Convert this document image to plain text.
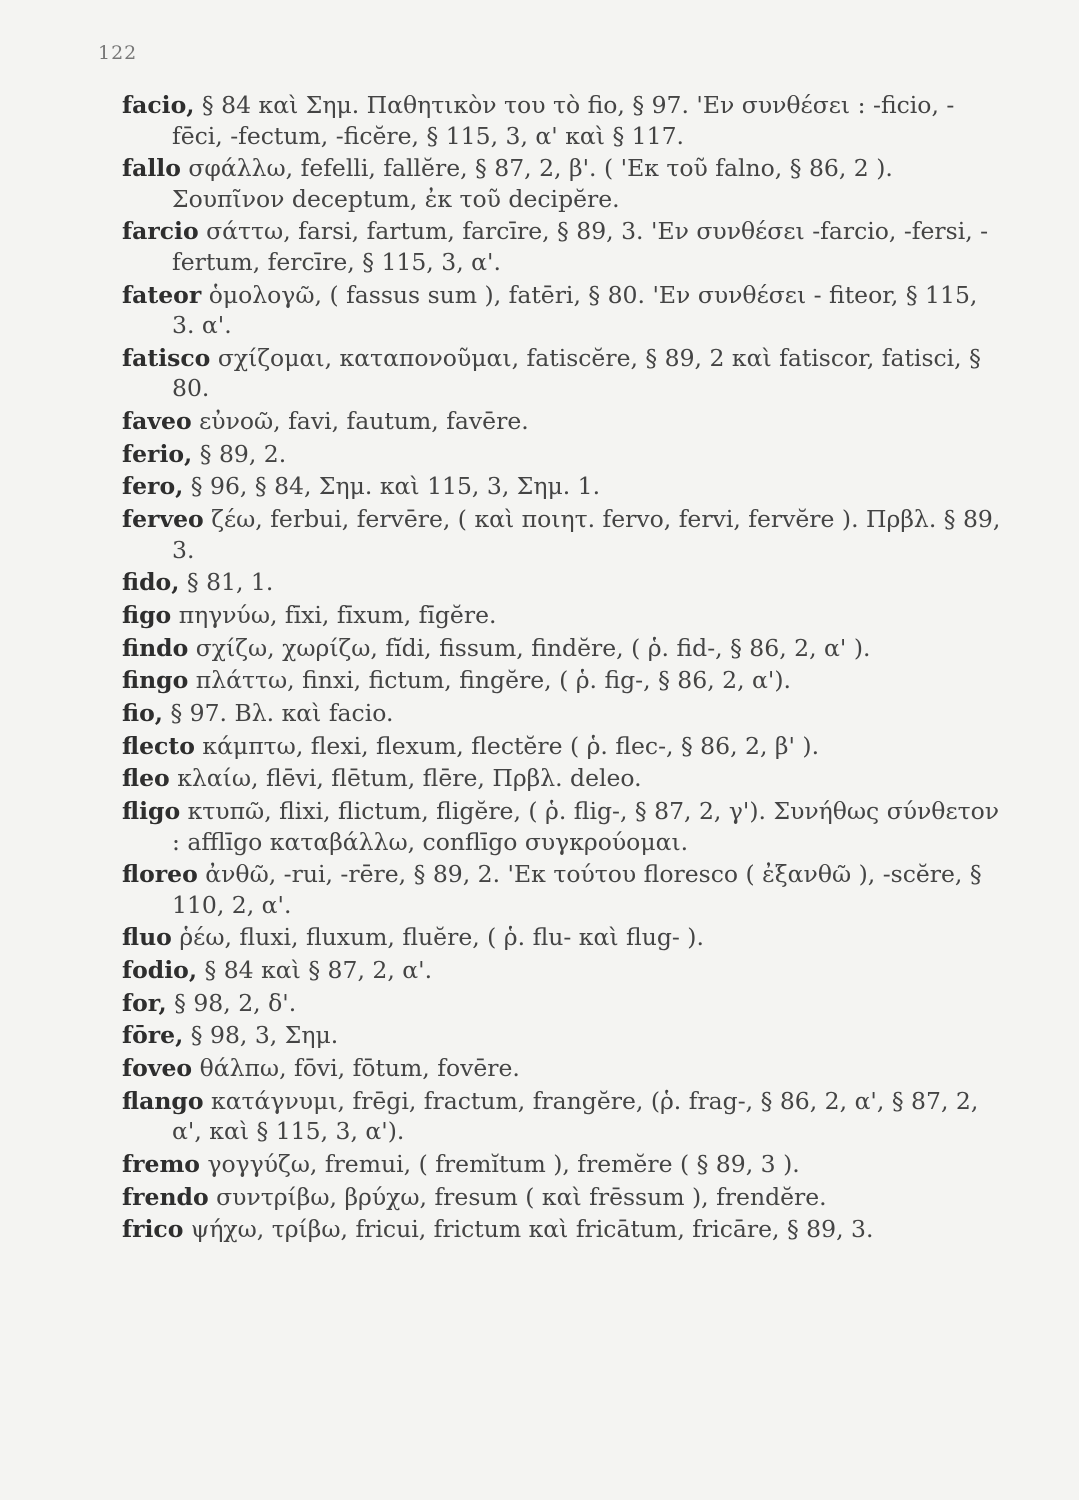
122

facio, § 84 καὶ Σημ. Παθητικὸν του τὸ fio, § 97. 'Εν συνθέσει : -ficio, -fēci, -fectum, -ficĕre, § 115, 3, α' καὶ § 117.

fallo σφάλλω, fefelli, fallĕre, § 87, 2, β'. ( 'Εκ τοῦ falno, § 86, 2 ). Σουπῖνον deceptum, ἐκ τοῦ decipĕre.

farcio σάττω, farsi, fartum, farcīre, § 89, 3. 'Εν συνθέσει -farcio, -fersi, -fertum, fercīre, § 115, 3, α'.

fateor ὁμολογῶ, ( fassus sum ), fatēri, § 80. 'Εν συνθέσει - fiteor, § 115, 3. α'.

fatisco σχίζομαι, καταπονοῦμαι, fatiscĕre, § 89, 2 καὶ fatiscor, fatisci, § 80.

faveo εὐνοῶ, favi, fautum, favēre.

ferio, § 89, 2.

fero, § 96, § 84, Σημ. καὶ 115, 3, Σημ. 1.

ferveo ζέω, ferbui, fervēre, ( καὶ ποιητ. fervo, fervi, fervĕre ). Πρβλ. § 89, 3.

fido, § 81, 1.

figo πηγνύω, fīxi, fīxum, fīgĕre.

findo σχίζω, χωρίζω, fĭdi, fissum, findĕre, ( ῥ. fid-, § 86, 2, α' ).

fingo πλάττω, finxi, fictum, fingĕre, ( ῥ. fig-, § 86, 2, α').

fio, § 97. Βλ. καὶ facio.

flecto κάμπτω, flexi, flexum, flectĕre ( ῥ. flec-, § 86, 2, β' ).

fleo κλαίω, flēvi, flētum, flēre, Πρβλ. deleo.

fligo κτυπῶ, flixi, flictum, fligĕre, ( ῥ. flig-, § 87, 2, γ'). Συνήθως σύνθετον : afflīgo καταβάλλω, conflīgo συγκρούομαι.

floreo ἀνθῶ, -rui, -rēre, § 89, 2. 'Εκ τούτου floresco ( ἐξανθῶ ), -scĕre, § 110, 2, α'.

fluo ῥέω, fluxi, fluxum, fluĕre, ( ῥ. flu- καὶ flug- ).

fodio, § 84 καὶ § 87, 2, α'.

for, § 98, 2, δ'.

fōre, § 98, 3, Σημ.

foveo θάλπω, fōvi, fōtum, fovēre.

flango κατάγνυμι, frēgi, fractum, frangĕre, (ῥ. frag-, § 86, 2, α', § 87, 2, α', καὶ § 115, 3, α').

fremo γογγύζω, fremui, ( fremĭtum ), fremĕre ( § 89, 3 ).

frendo συντρίβω, βρύχω, fresum ( καὶ frēssum ), frendĕre.

frico ψήχω, τρίβω, fricui, frictum καὶ fricātum, fricāre, § 89, 3.
